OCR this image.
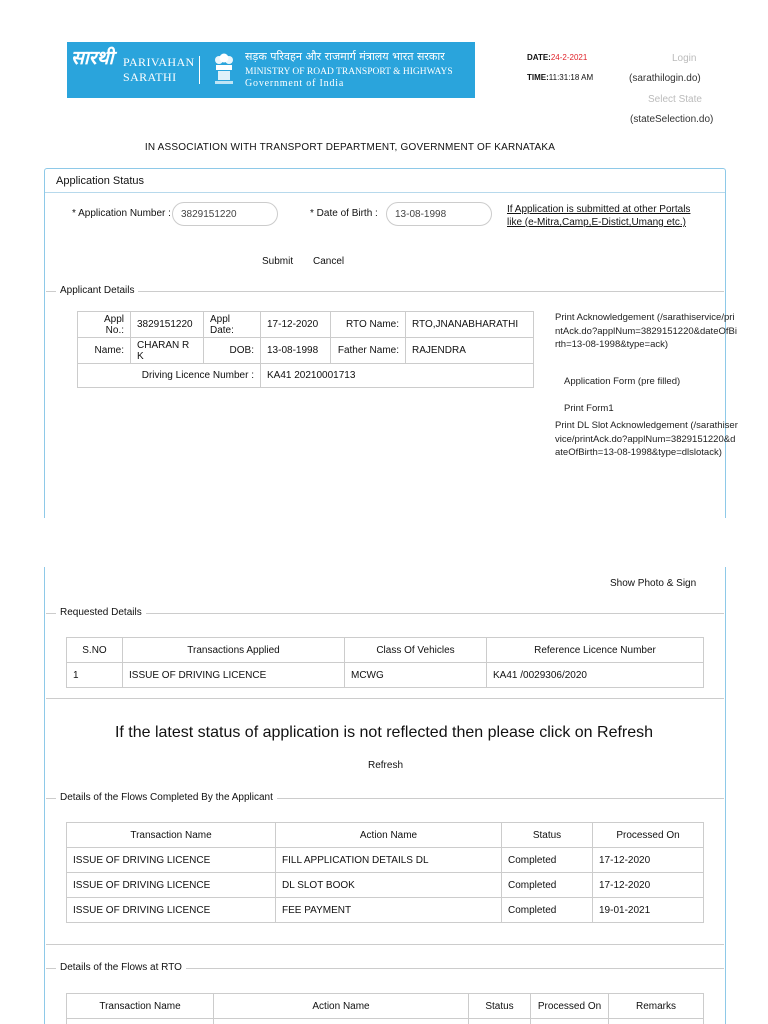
सारथी PARIVAHAN
SARATHI
सड़क परिवहन और राजमार्ग मंत्रालय भारत सरकार
MINISTRY OF ROAD TRANSPORT & HIGHWAYS
Government of India
DATE:24-2-2021
TIME:11:31:18 AM
Login
(sarathilogin.do)
Select State
(stateSelection.do)
IN ASSOCIATION WITH TRANSPORT DEPARTMENT, GOVERNMENT OF KARNATAKA
Application Status
* Application Number :
3829151220	* Date of Birth :
13-08-1998	If Application is submitted at other Portals
like (e-Mitra,Camp,E-Distict,Umang etc.)
Submit Cancel
Applicant Details
Appl No.:	3829151220	Appl Date:	17-12-2020	RTO Name:	RTO,JNANABHARATHI
Name:	CHARAN R K	DOB:	13-08-1998	Father Name:	RAJENDRA
Driving Licence Number :			KA41 20210001713		
Print Acknowledgement (/sarathiservice/printAck.do?applNum=3829151220&dateOfBirth=13-08-1998&type=ack)
Application Form (pre filled)
Print Form1
Print DL Slot Acknowledgement (/sarathiservice/printAck.do?applNum=3829151220&dateOfBirth=13-08-1998&type=dlslotack)
Show Photo & Sign
Requested Details
S.NO	Transactions Applied	Class Of Vehicles	Reference Licence Number
1	ISSUE OF DRIVING LICENCE	MCWG	KA41 /0029306/2020
If the latest status of application is not reflected then please click on Refresh
Refresh
Details of the Flows Completed By the Applicant
Transaction Name	Action Name	Status	Processed On
ISSUE OF DRIVING LICENCE	FILL APPLICATION DETAILS DL	Completed	17-12-2020
ISSUE OF DRIVING LICENCE	DL SLOT BOOK	Completed	17-12-2020
ISSUE OF DRIVING LICENCE	FEE PAYMENT	Completed	19-01-2021
Details of the Flows at RTO
Transaction Name	Action Name	Status	Processed On	Remarks
